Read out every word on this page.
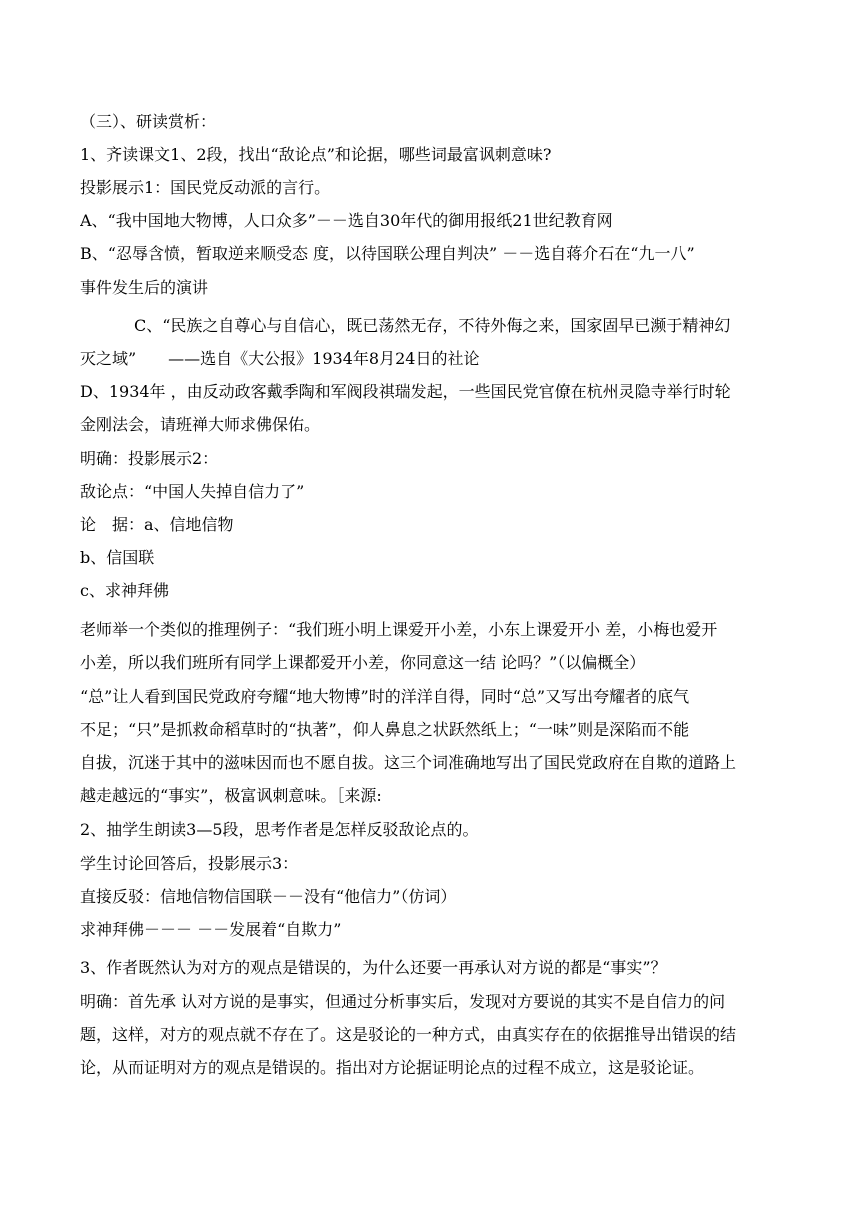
（三）、研读赏析：
1、齐读课文1、2段，找出“敌论点”和论据，哪些词最富讽刺意味?
投影展示1：国民党反动派的言行。
A、“我中国地大物博，人口众多”－－选自30年代的御用报纸21世纪教育网
B、“忍辱含愤，暂取逆来顺受态 度，以待国联公理自判决” －－选自蒋介石在“九一八”
事件发生后的演讲
C、“民族之自尊心与自信心，既已荡然无存，不待外侮之来，国家固早已濒于精神幻
灭之域”　　——选自《大公报》1934年8月24日的社论
D、1934年 ，由反动政客戴季陶和军阀段祺瑞发起，一些国民党官僚在杭州灵隐寺举行时轮
金刚法会，请班禅大师求佛保佑。
明确：投影展示2：
敌论点：“中国人失掉自信力了”
论　据：a、信地信物
b、信国联
c、求神拜佛
老师举一个类似的推理例子：“我们班小明上课爱开小差，小东上课爱开小 差，小梅也爱开
小差，所以我们班所有同学上课都爱开小差，你同意这一结 论吗？”（以偏概全）
“总”让人看到国民党政府夸耀“地大物博”时的洋洋自得，同时“总”又写出夸耀者的底气
不足；“只”是抓救命稻草时的“执著”，仰人鼻息之状跃然纸上；“一味”则是深陷而不能
自拔，沉迷于其中的滋味因而也不愿自拔。这三个词准确地写出了国民党政府在自欺的道路上
越走越远的“事实”，极富讽刺意味。［来源:
2、抽学生朗读3—5段，思考作者是怎样反驳敌论点的。
学生讨论回答后，投影展示3：
直接反驳：信地信物信国联－－没有“他信力”（仿词）
求神拜佛－－－ －－发展着“自欺力”
3、作者既然认为对方的观点是错误的，为什么还要一再承认对方说的都是“事实”？
明确：首先承 认对方说的是事实，但通过分析事实后，发现对方要说的其实不是自信力的问
题，这样，对方的观点就不存在了。这是驳论的一种方式，由真实存在的依据推导出错误的结
论，从而证明对方的观点是错误的。指出对方论据证明论点的过程不成立，这是驳论证。
